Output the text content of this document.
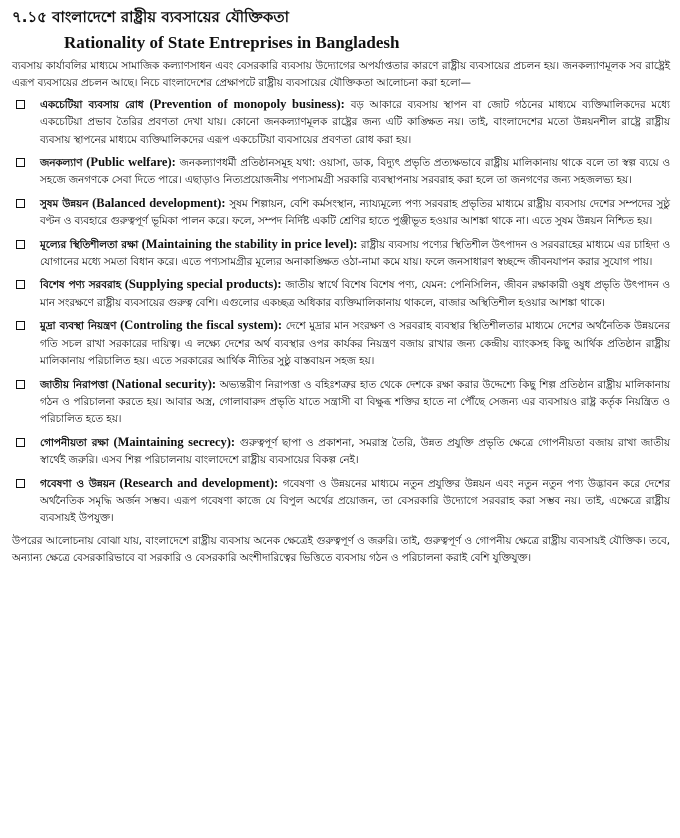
৭.১৫ বাংলাদেশে রাষ্ট্রীয় ব্যবসায়ের যৌক্তিকতা
Rationality of State Entreprises in Bangladesh

ব্যবসায় কার্যাবলির মাধ্যমে সামাজিক কল্যাণসাধন এবং বেসরকারি ব্যবসায় উদ্যোগের অপর্যাপ্ততার কারণে রাষ্ট্রীয় ব্যবসায়ের প্রচলন হয়। জনকল্যাণমূলক সব রাষ্ট্রেই এরূপ ব্যবসায়ের প্রচলন আছে। নিচে বাংলাদেশের প্রেক্ষাপটে রাষ্ট্রীয় ব্যবসায়ের যৌক্তিকতা আলোচনা করা হলো—

একচেটিয়া ব্যবসায় রোধ (Prevention of monopoly business): বড় আকারে ব্যবসায় স্থাপন বা জোট গঠনের মাধ্যমে ব্যক্তিমালিকদের মধ্যে একচেটিয়া প্রভাব তৈরির প্রবণতা দেখা যায়। কোনো জনকল্যাণমূলক রাষ্ট্রের জন্য এটি কাঙ্ক্ষিত নয়। তাই, বাংলাদেশের মতো উন্নয়নশীল রাষ্ট্রে রাষ্ট্রীয় ব্যবসায় স্থাপনের মাধ্যমে ব্যক্তিমালিকদের এরূপ একচেটিয়া ব্যবসায়ের প্রবণতা রোধ করা হয়।

জনকল্যাণ (Public welfare): জনকল্যাণধর্মী প্রতিষ্ঠানসমূহ যথা: ওয়াসা, ডাক, বিদ্যুৎ প্রভৃতি প্রত্যক্ষভাবে রাষ্ট্রীয় মালিকানায় থাকে বলে তা স্বল্প ব্যয়ে ও সহজে জনগণকে সেবা দিতে পারে। এছাড়াও নিত্যপ্রয়োজনীয় পণ্যসামগ্রী সরকারি ব্যবস্থাপনায় সরবরাহ করা হলে তা জনগণের জন্য সহজলভ্য হয়।

সুষম উন্নয়ন (Balanced development): সুষম শিল্পায়ন, বেশি কর্মসংস্থান, ন্যায্যমূল্যে পণ্য সরবরাহ প্রভৃতির মাধ্যমে রাষ্ট্রীয় ব্যবসায় দেশের সম্পদের সুষ্ঠু বণ্টন ও ব্যবহারে গুরুত্বপূর্ণ ভূমিকা পালন করে। ফলে, সম্পদ নির্দিষ্ট একটি শ্রেণির হাতে পুঞ্জীভূত হওয়ার আশঙ্কা থাকে না। এতে সুষম উন্নয়ন নিশ্চিত হয়।

মূল্যের স্থিতিশীলতা রক্ষা (Maintaining the stability in price level): রাষ্ট্রীয় ব্যবসায় পণ্যের স্থিতিশীল উৎপাদন ও সরবরাহের মাধ্যমে এর চাহিদা ও যোগানের মধ্যে সমতা বিধান করে। এতে পণ্যসামগ্রীর মূল্যের অনাকাঙ্ক্ষিত ওঠা-নামা কমে যায়। ফলে জনসাধারণ স্বচ্ছন্দে জীবনযাপন করার সুযোগ পায়।

বিশেষ পণ্য সরবরাহ (Supplying special products): জাতীয় স্বার্থে বিশেষ বিশেষ পণ্য, যেমন: পেনিসিলিন, জীবন রক্ষাকারী ওষুধ প্রভৃতি উৎপাদন ও মান সংরক্ষণে রাষ্ট্রীয় ব্যবসায়ের গুরুত্ব বেশি। এগুলোর একচ্ছত্র অধিকার ব্যক্তিমালিকানায় থাকলে, বাজার অস্থিতিশীল হওয়ার আশঙ্কা থাকে।

মুদ্রা ব্যবস্থা নিয়ন্ত্রণ (Controling the fiscal system): দেশে মুদ্রার মান সংরক্ষণ ও সরবরাহ ব্যবস্থার স্থিতিশীলতার মাধ্যমে দেশের অর্থনৈতিক উন্নয়নের গতি সচল রাখা সরকারের দায়িত্ব। এ লক্ষ্যে দেশের অর্থ ব্যবস্থার ওপর কার্যকর নিয়ন্ত্রণ বজায় রাখার জন্য কেন্দ্রীয় ব্যাংকসহ কিছু আর্থিক প্রতিষ্ঠান রাষ্ট্রীয় মালিকানায় পরিচালিত হয়। এতে সরকারের আর্থিক নীতির সুষ্ঠু বাস্তবায়ন সহজ হয়।

জাতীয় নিরাপত্তা (National security): অভ্যন্তরীণ নিরাপত্তা ও বহিঃশত্রুর হাত থেকে দেশকে রক্ষা করার উদ্দেশ্যে কিছু শিল্প প্রতিষ্ঠান রাষ্ট্রীয় মালিকানায় গঠন ও পরিচালনা করতে হয়। আবার অস্ত্র, গোলাবারুদ প্রভৃতি যাতে সন্ত্রাসী বা বিক্ষুব্ধ শক্তির হাতে না পৌঁছে সেজন্য এর ব্যবসায়ও রাষ্ট্র কর্তৃক নিয়ন্ত্রিত ও পরিচালিত হতে হয়।

গোপনীয়তা রক্ষা (Maintaining secrecy): গুরুত্বপূর্ণ ছাপা ও প্রকাশনা, সমরাস্ত্র তৈরি, উন্নত প্রযুক্তি প্রভৃতি ক্ষেত্রে গোপনীয়তা বজায় রাখা জাতীয় স্বার্থেই জরুরি। এসব শিল্প পরিচালনায় বাংলাদেশে রাষ্ট্রীয় ব্যবসায়ের বিকল্প নেই।

গবেষণা ও উন্নয়ন (Research and development): গবেষণা ও উন্নয়নের মাধ্যমে নতুন প্রযুক্তির উন্নয়ন এবং নতুন নতুন পণ্য উদ্ভাবন করে দেশের অর্থনৈতিক সমৃদ্ধি অর্জন সম্ভব। এরূপ গবেষণা কাজে যে বিপুল অর্থের প্রয়োজন, তা বেসরকারি উদ্যোগে সরবরাহ করা সম্ভব নয়। তাই, এক্ষেত্রে রাষ্ট্রীয় ব্যবসায়ই উপযুক্ত।

উপরের আলোচনায় বোঝা যায়, বাংলাদেশে রাষ্ট্রীয় ব্যবসায় অনেক ক্ষেত্রেই গুরুত্বপূর্ণ ও জরুরি। তাই, গুরুত্বপূর্ণ ও গোপনীয় ক্ষেত্রে রাষ্ট্রীয় ব্যবসায়ই যৌক্তিক। তবে, অন্যান্য ক্ষেত্রে বেসরকারিভাবে বা সরকারি ও বেসরকারি অংশীদারিত্বের ভিত্তিতে ব্যবসায় গঠন ও পরিচালনা করাই বেশি যুক্তিযুক্ত।
